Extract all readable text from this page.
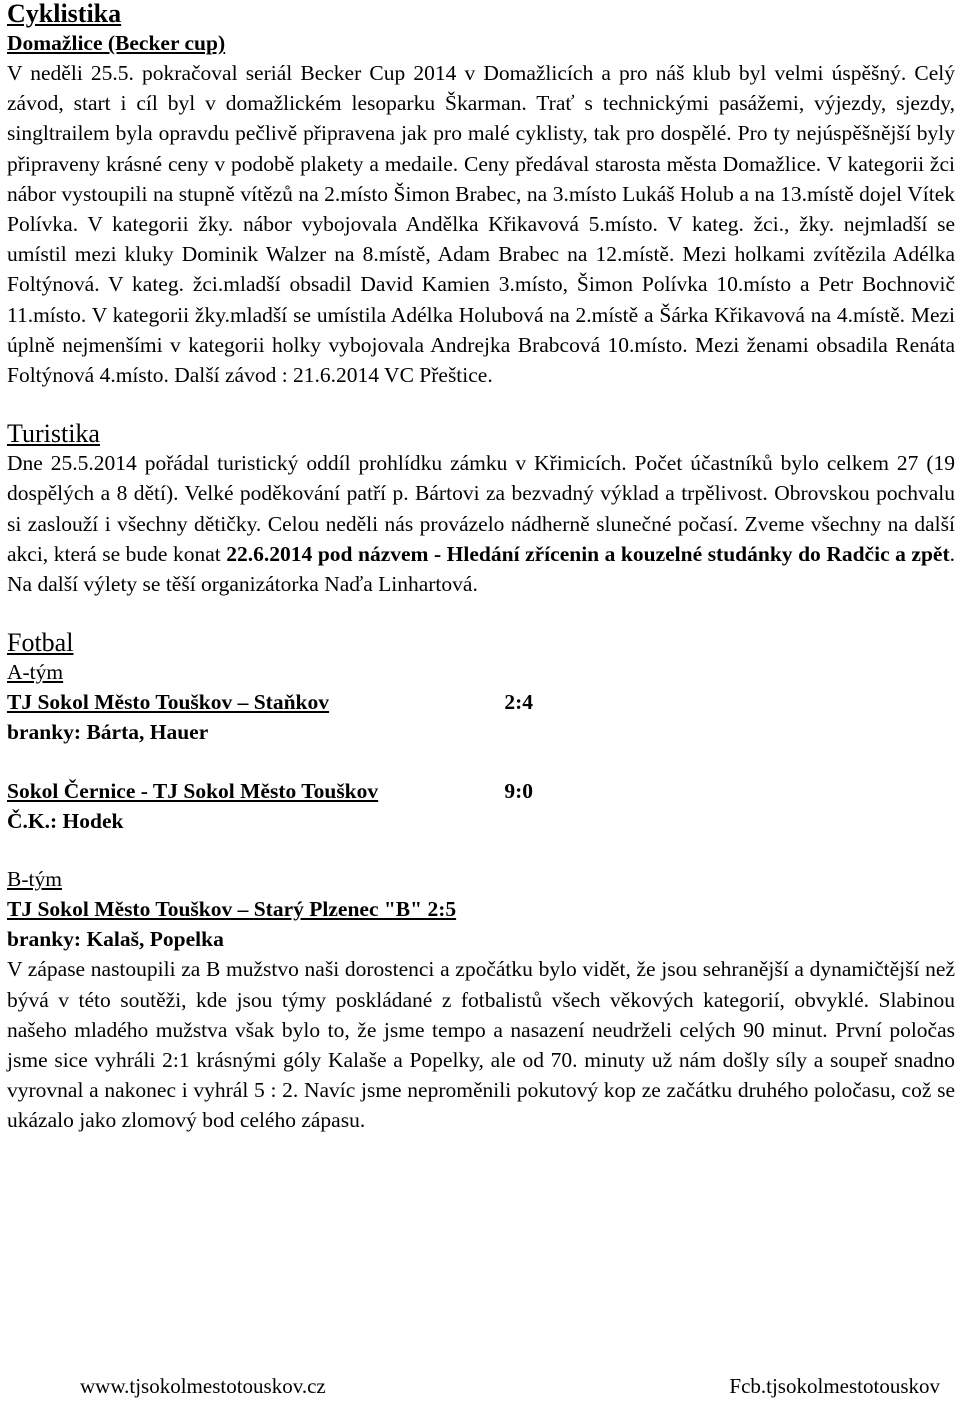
Cyklistika
Domažlice (Becker cup)

V neděli 25.5. pokračoval seriál Becker Cup 2014 v Domažlicích a pro náš klub byl velmi úspěšný. Celý závod, start i cíl byl v domažlickém lesoparku Škarman. Trať s technickými pasážemi, výjezdy, sjezdy, singltrailem byla opravdu pečlivě připravena jak pro malé cyklisty, tak pro dospělé. Pro ty nejúspěšnější byly připraveny krásné ceny v podobě plakety a medaile. Ceny předával starosta města Domažlice. V kategorii žci nábor vystoupili na stupně vítězů na 2.místo Šimon Brabec, na 3.místo Lukáš Holub a na 13.místě dojel Vítek Polívka. V kategorii žky. nábor vybojovala Andělka Křikavová 5.místo. V kateg. žci., žky. nejmladší se umístil mezi kluky Dominik Walzer na 8.místě, Adam Brabec na 12.místě. Mezi holkami zvítězila Adélka Foltýnová. V kateg. žci.mladší obsadil David Kamien 3.místo, Šimon Polívka 10.místo a Petr Bochnovič 11.místo. V kategorii žky.mladší se umístila Adélka Holubová na 2.místě a Šárka Křikavová na 4.místě. Mezi úplně nejmenšími v kategorii holky vybojovala Andrejka Brabcová 10.místo. Mezi ženami obsadila Renáta Foltýnová 4.místo. Další závod : 21.6.2014 VC Přeštice.

Turistika

Dne 25.5.2014 pořádal turistický oddíl prohlídku zámku v Křimicích. Počet účastníků bylo celkem 27 (19 dospělých a 8 dětí). Velké poděkování patří p. Bártovi za bezvadný výklad a trpělivost. Obrovskou pochvalu si zaslouží i všechny dětičky. Celou neděli nás provázelo nádherně slunečné počasí. Zveme všechny na další akci, která se bude konat 22.6.2014 pod názvem - Hledání zřícenin a kouzelné studánky do Radčic a zpět. Na další výlety se těší organizátorka Naďa Linhartová.

Fotbal
A-tým
TJ Sokol Město Touškov – Staňkov	2:4
branky: Bárta, Hauer
Sokol Černice - TJ Sokol Město Touškov	9:0
Č.K.: Hodek
B-tým
TJ Sokol Město Touškov – Starý Plzenec "B" 2:5
branky: Kalaš, Popelka

V zápase nastoupili za B mužstvo naši dorostenci a zpočátku bylo vidět, že jsou sehranější a dynamičtější než bývá v této soutěži, kde jsou týmy poskládané z fotbalistů všech věkových kategorií, obvyklé. Slabinou našeho mladého mužstva však bylo to, že jsme tempo a nasazení neudrželi celých 90 minut. První poločas jsme sice vyhráli 2:1 krásnými góly Kalaše a Popelky, ale od 70. minuty už nám došly síly a soupeř snadno vyrovnal a nakonec i vyhrál 5 : 2. Navíc jsme neproměnili pokutový kop ze začátku druhého poločasu, což se ukázalo jako zlomový bod celého zápasu.

www.tjsokolmestotouskov.cz	Fcb.tjsokolmestotouskov
